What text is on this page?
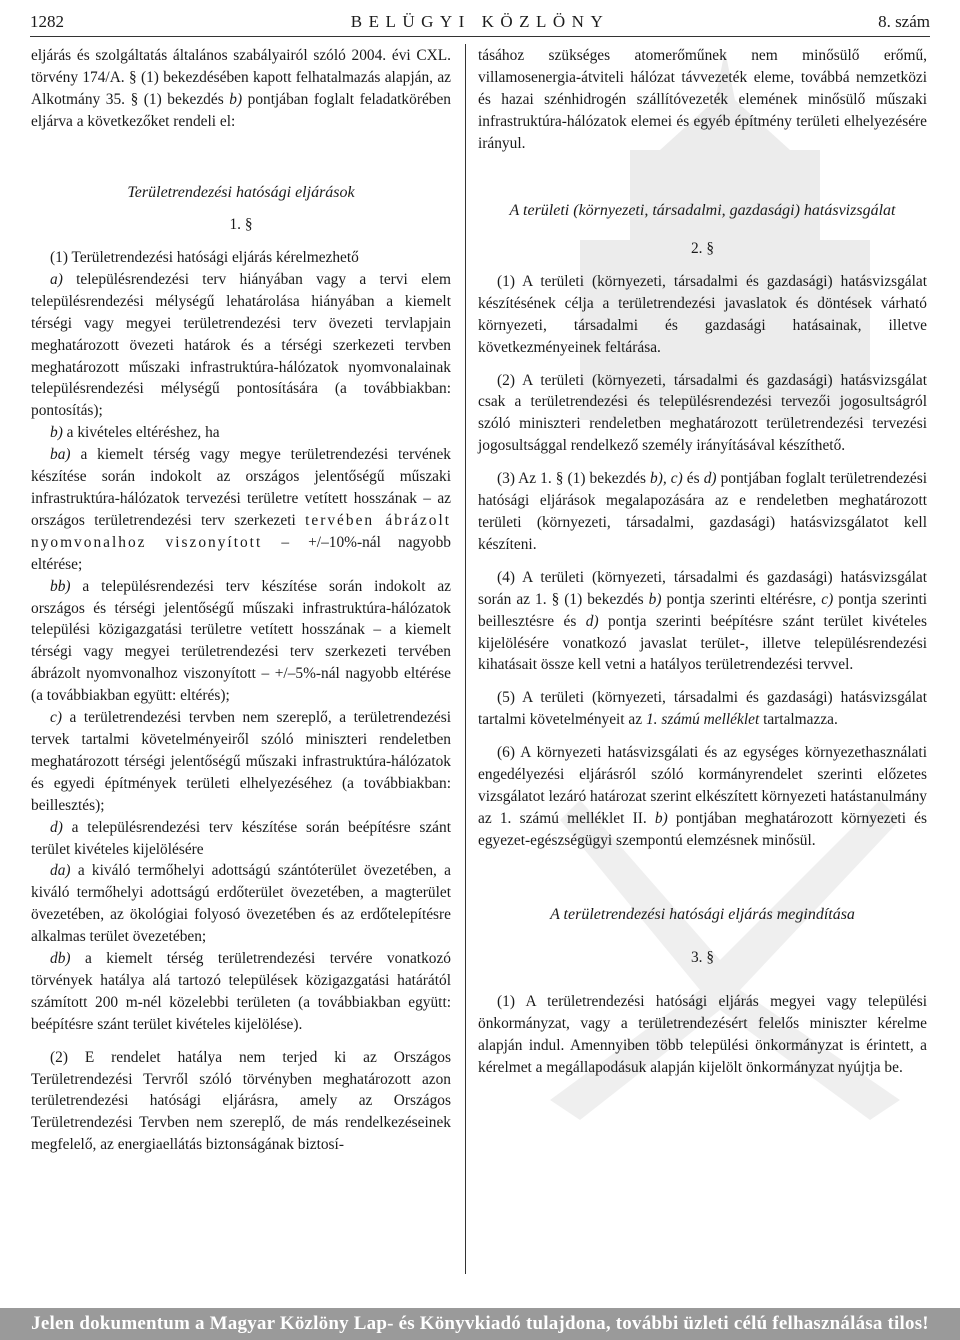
1282	BELÜGYI KÖZLÖNY	8. szám

eljárás és szolgáltatás általános szabályairól szóló 2004. évi CXL. törvény 174/A. § (1) bekezdésében kapott felhatalmazás alapján, az Alkotmány 35. § (1) bekezdés b) pontjában foglalt feladatkörében eljárva a következőket rendeli el:

Területrendezési hatósági eljárások

1. §

(1) Területrendezési hatósági eljárás kérelmezhető

a) településrendezési terv hiányában vagy a tervi elem településrendezési mélységű lehatárolása hiányában a kiemelt térségi vagy megyei területrendezési terv övezeti tervlapjain meghatározott övezeti határok és a térségi szerkezeti tervben meghatározott műszaki infrastruktúra-hálózatok nyomvonalainak településrendezési mélységű pontosítására (a továbbiakban: pontosítás);

b) a kivételes eltéréshez, ha

ba) a kiemelt térség vagy megye területrendezési tervének készítése során indokolt az országos jelentőségű műszaki infrastruktúra-hálózatok tervezési területre vetített hosszának – az országos területrendezési terv szerkezeti tervében ábrázolt nyomvonalhoz viszonyított – +/–10%-nál nagyobb eltérése;

bb) a településrendezési terv készítése során indokolt az országos és térségi jelentőségű műszaki infrastruktúra-hálózatok települési közigazgatási területre vetített hosszának – a kiemelt térségi vagy megyei területrendezési terv szerkezeti tervében ábrázolt nyomvonalhoz viszonyított – +/–5%-nál nagyobb eltérése (a továbbiakban együtt: eltérés);

c) a területrendezési tervben nem szereplő, a területrendezési tervek tartalmi követelményeiről szóló miniszteri rendeletben meghatározott térségi jelentőségű műszaki infrastruktúra-hálózatok és egyedi építmények területi elhelyezéséhez (a továbbiakban: beillesztés);

d) a településrendezési terv készítése során beépítésre szánt terület kivételes kijelölésére

da) a kiváló termőhelyi adottságú szántóterület övezetében, a kiváló termőhelyi adottságú erdőterület övezetében, a magterület övezetében, az ökológiai folyosó övezetében és az erdőtelepítésre alkalmas terület övezetében;

db) a kiemelt térség területrendezési tervére vonatkozó törvények hatálya alá tartozó települések közigazgatási határától számított 200 m-nél közelebbi területen (a továbbiakban együtt: beépítésre szánt terület kivételes kijelölése).

(2) E rendelet hatálya nem terjed ki az Országos Területrendezési Tervről szóló törvényben meghatározott azon területrendezési hatósági eljárásra, amely az Országos Területrendezési Tervben nem szereplő, de más rendelkezéseinek megfelelő, az energiaellátás biztonságának biztosí-

tásához szükséges atomerőműnek nem minősülő erőmű, villamosenergia-átviteli hálózat távvezeték eleme, továbbá nemzetközi és hazai szénhidrogén szállítóvezeték elemének minősülő műszaki infrastruktúra-hálózatok elemei és egyéb építmény területi elhelyezésére irányul.

A területi (környezeti, társadalmi, gazdasági) hatásvizsgálat

2. §

(1) A területi (környezeti, társadalmi és gazdasági) hatásvizsgálat készítésének célja a területrendezési javaslatok és döntések várható környezeti, társadalmi és gazdasági hatásainak, illetve következményeinek feltárása.

(2) A területi (környezeti, társadalmi és gazdasági) hatásvizsgálat csak a területrendezési és településrendezési tervezői jogosultságról szóló miniszteri rendeletben meghatározott területrendezési tervezési jogosultsággal rendelkező személy irányításával készíthető.

(3) Az 1. § (1) bekezdés b), c) és d) pontjában foglalt területrendezési hatósági eljárások megalapozására az e rendeletben meghatározott területi (környezeti, társadalmi, gazdasági) hatásvizsgálatot kell készíteni.

(4) A területi (környezeti, társadalmi és gazdasági) hatásvizsgálat során az 1. § (1) bekezdés b) pontja szerinti eltérésre, c) pontja szerinti beillesztésre és d) pontja szerinti beépítésre szánt terület kivételes kijelölésére vonatkozó javaslat terület-, illetve településrendezési kihatásait össze kell vetni a hatályos területrendezési tervvel.

(5) A területi (környezeti, társadalmi és gazdasági) hatásvizsgálat tartalmi követelményeit az 1. számú melléklet tartalmazza.

(6) A környezeti hatásvizsgálati és az egységes környezethasználati engedélyezési eljárásról szóló kormányrendelet szerinti előzetes vizsgálatot lezáró határozat szerint elkészített környezeti hatástanulmány az 1. számú melléklet II. b) pontjában meghatározott környezeti és egyezet-egészségügyi szempontú elemzésnek minősül.

A területrendezési hatósági eljárás megindítása

3. §

(1) A területrendezési hatósági eljárás megyei vagy települési önkormányzat, vagy a területrendezésért felelős miniszter kérelme alapján indul. Amennyiben több települési önkormányzat is érintett, a kérelmet a megállapodásuk alapján kijelölt önkormányzat nyújtja be.

Jelen dokumentum a Magyar Közlöny Lap- és Könyvkiadó tulajdona, további üzleti célú felhasználása tilos!
